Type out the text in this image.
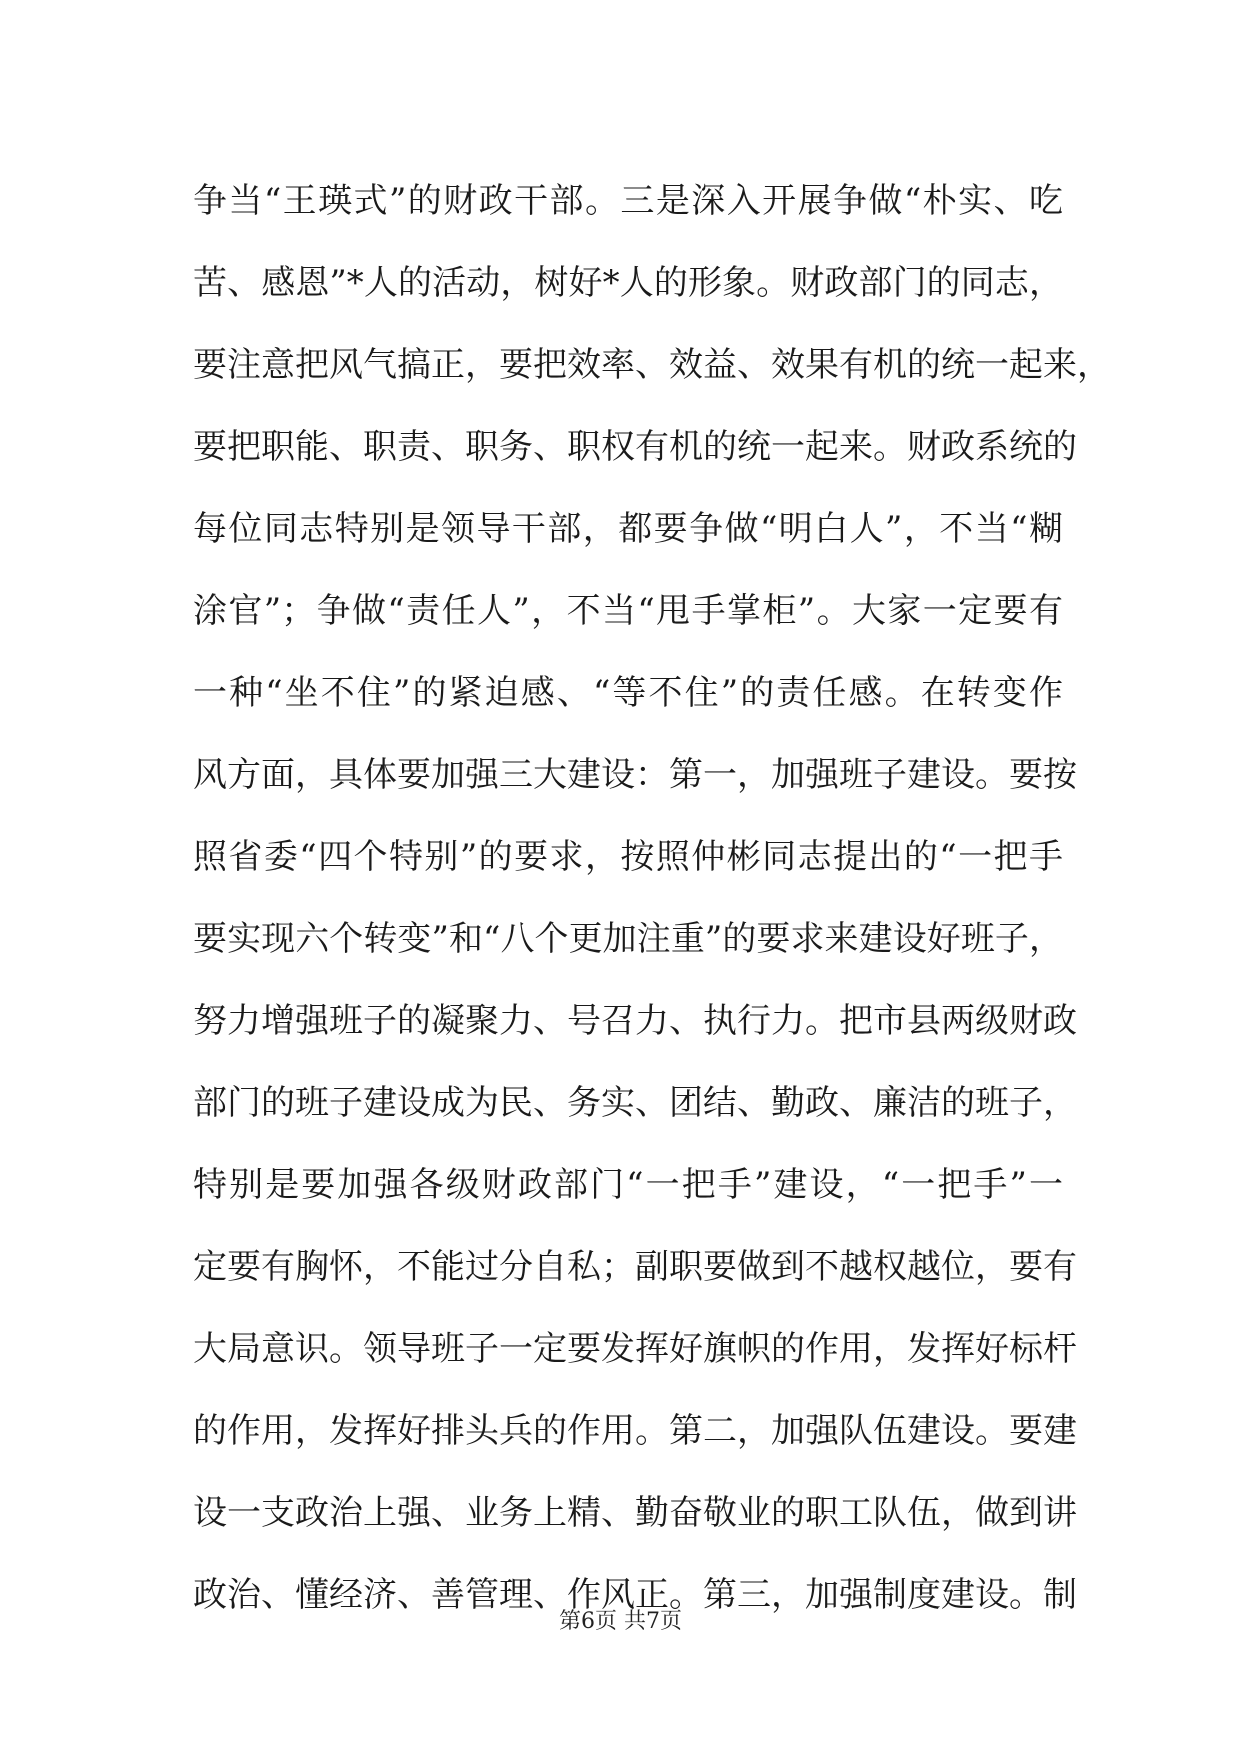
争当“王瑛式”的财政干部。三是深入开展争做“朴实、吃
苦、感恩”*人的活动，树好*人的形象。财政部门的同志，
要注意把风气搞正，要把效率、效益、效果有机的统一起来，
要把职能、职责、职务、职权有机的统一起来。财政系统的
每位同志特别是领导干部，都要争做“明白人”，不当“糊
涂官”；争做“责任人”，不当“甩手掌柜”。大家一定要有
一种“坐不住”的紧迫感、“等不住”的责任感。在转变作
风方面，具体要加强三大建设：第一，加强班子建设。要按
照省委“四个特别”的要求，按照仲彬同志提出的“一把手
要实现六个转变”和“八个更加注重”的要求来建设好班子，
努力增强班子的凝聚力、号召力、执行力。把市县两级财政
部门的班子建设成为民、务实、团结、勤政、廉洁的班子，
特别是要加强各级财政部门“一把手”建设，“一把手”一
定要有胸怀，不能过分自私；副职要做到不越权越位，要有
大局意识。领导班子一定要发挥好旗帜的作用，发挥好标杆
的作用，发挥好排头兵的作用。第二，加强队伍建设。要建
设一支政治上强、业务上精、勤奋敬业的职工队伍，做到讲
政治、懂经济、善管理、作风正。第三，加强制度建设。制
第6页 共7页
